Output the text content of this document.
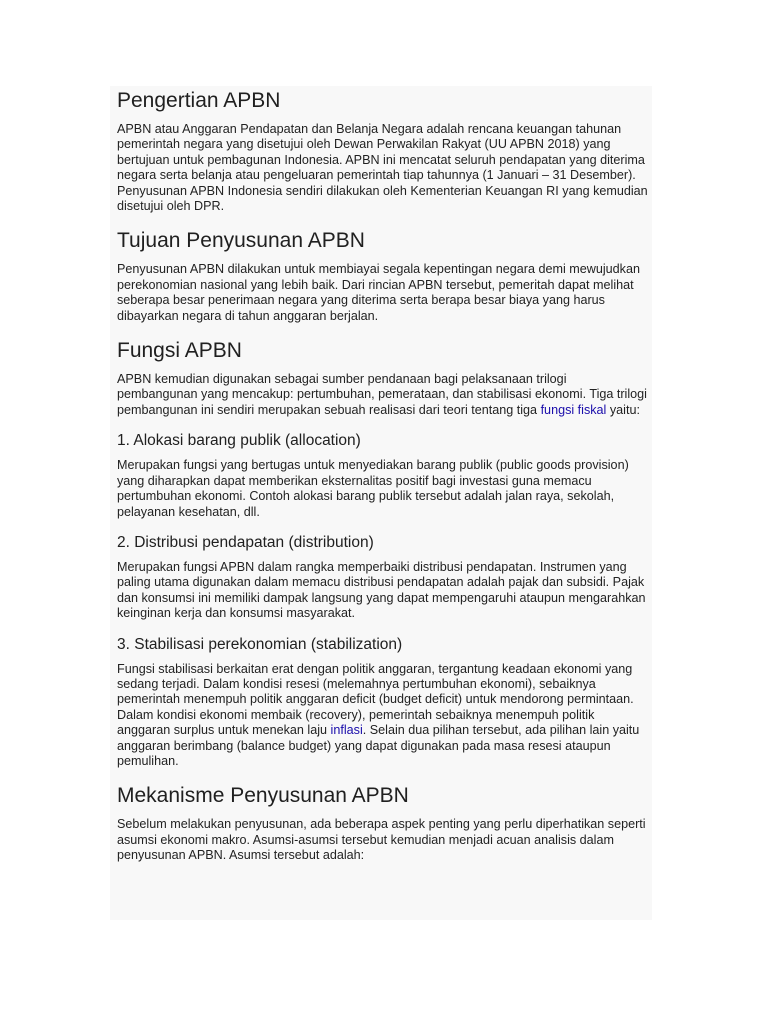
Pengertian APBN

APBN atau Anggaran Pendapatan dan Belanja Negara adalah rencana keuangan tahunan pemerintah negara yang disetujui oleh Dewan Perwakilan Rakyat (UU APBN 2018) yang bertujuan untuk pembagunan Indonesia. APBN ini mencatat seluruh pendapatan yang diterima negara serta belanja atau pengeluaran pemerintah tiap tahunnya (1 Januari – 31 Desember). Penyusunan APBN Indonesia sendiri dilakukan oleh Kementerian Keuangan RI yang kemudian disetujui oleh DPR.

Tujuan Penyusunan APBN

Penyusunan APBN dilakukan untuk membiayai segala kepentingan negara demi mewujudkan perekonomian nasional yang lebih baik. Dari rincian APBN tersebut, pemeritah dapat melihat seberapa besar penerimaan negara yang diterima serta berapa besar biaya yang harus dibayarkan negara di tahun anggaran berjalan.

Fungsi APBN

APBN kemudian digunakan sebagai sumber pendanaan bagi pelaksanaan trilogi pembangunan yang mencakup: pertumbuhan, pemerataan, dan stabilisasi ekonomi. Tiga trilogi pembangunan ini sendiri merupakan sebuah realisasi dari teori tentang tiga fungsi fiskal yaitu:

1. Alokasi barang publik (allocation)

Merupakan fungsi yang bertugas untuk menyediakan barang publik (public goods provision) yang diharapkan dapat memberikan eksternalitas positif bagi investasi guna memacu pertumbuhan ekonomi. Contoh alokasi barang publik tersebut adalah jalan raya, sekolah, pelayanan kesehatan, dll.

2. Distribusi pendapatan (distribution)

Merupakan fungsi APBN dalam rangka memperbaiki distribusi pendapatan. Instrumen yang paling utama digunakan dalam memacu distribusi pendapatan adalah pajak dan subsidi. Pajak dan konsumsi ini memiliki dampak langsung yang dapat mempengaruhi ataupun mengarahkan keinginan kerja dan konsumsi masyarakat.

3. Stabilisasi perekonomian (stabilization)

Fungsi stabilisasi berkaitan erat dengan politik anggaran, tergantung keadaan ekonomi yang sedang terjadi. Dalam kondisi resesi (melemahnya pertumbuhan ekonomi), sebaiknya pemerintah menempuh politik anggaran deficit (budget deficit) untuk mendorong permintaan. Dalam kondisi ekonomi membaik (recovery), pemerintah sebaiknya menempuh politik anggaran surplus untuk menekan laju inflasi. Selain dua pilihan tersebut, ada pilihan lain yaitu anggaran berimbang (balance budget) yang dapat digunakan pada masa resesi ataupun pemulihan.

Mekanisme Penyusunan APBN

Sebelum melakukan penyusunan, ada beberapa aspek penting yang perlu diperhatikan seperti asumsi ekonomi makro. Asumsi-asumsi tersebut kemudian menjadi acuan analisis dalam penyusunan APBN. Asumsi tersebut adalah:
